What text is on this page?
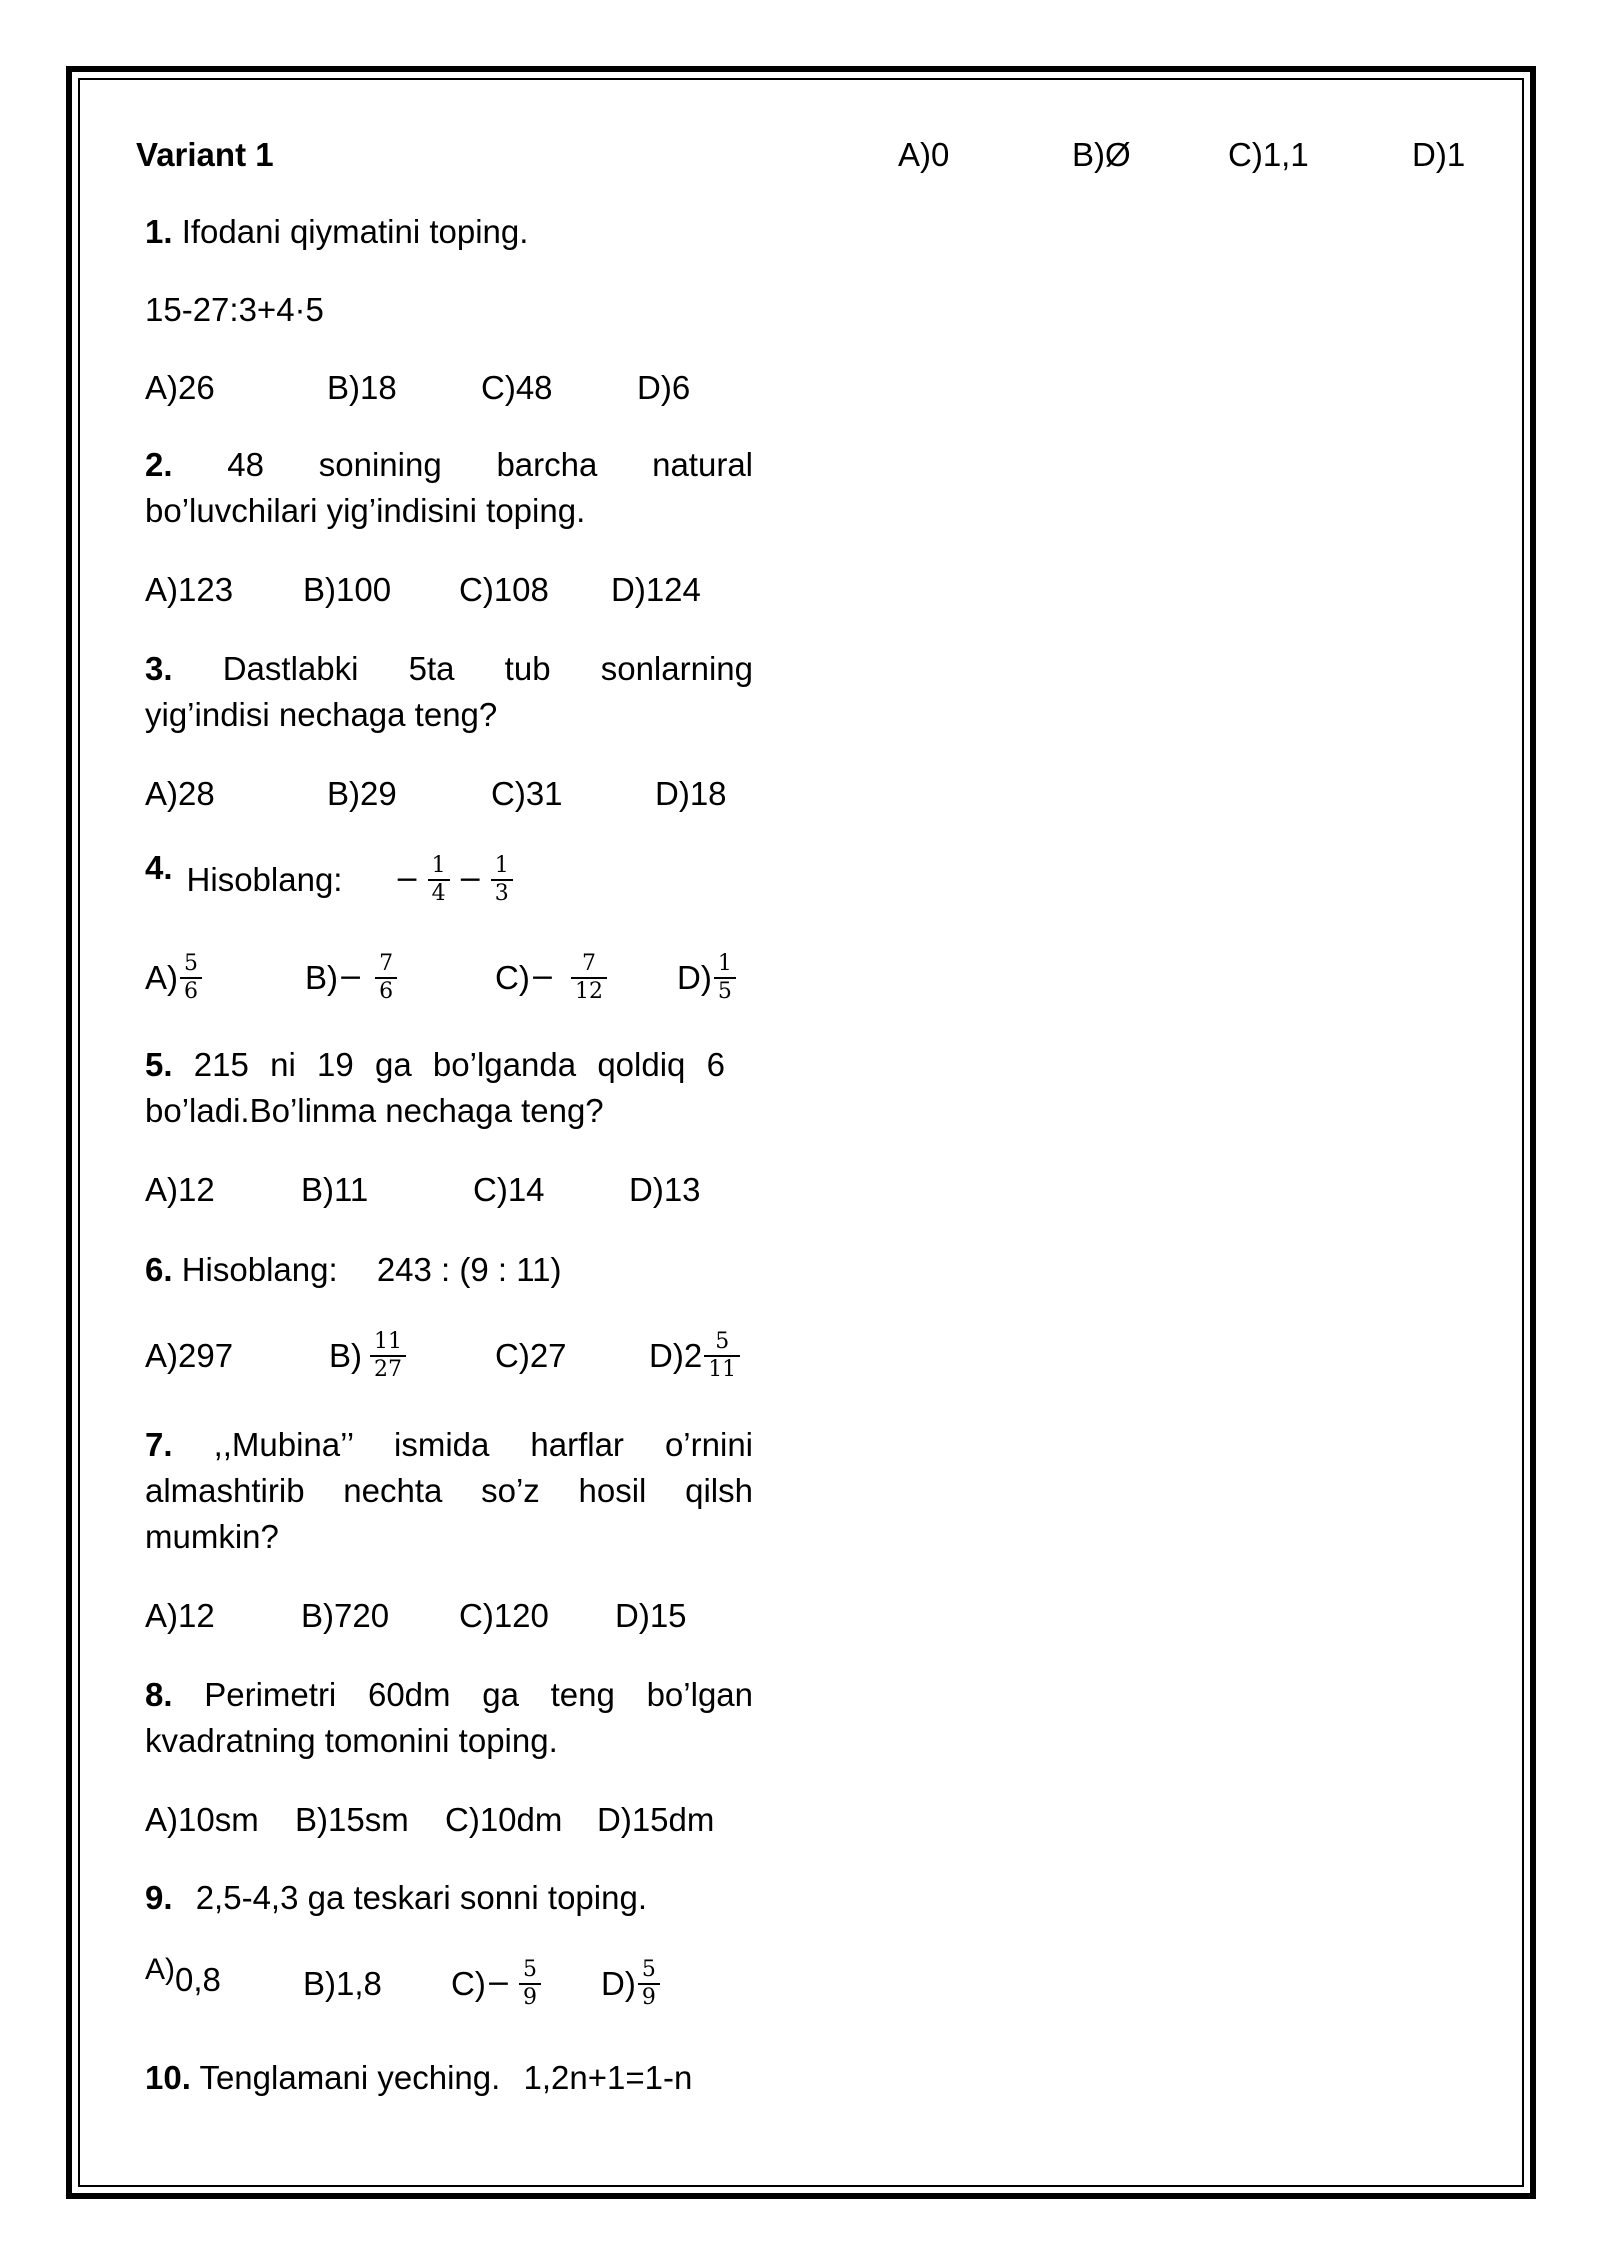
Variant 1	A)0	B)Ø	C)1,1	D)1
1. Ifodani qiymatini toping.
15-27:3+4·5
A)26	B)18	C)48	D)6
2. 48 sonining barcha natural
bo’luvchilari yig’indisini toping.
A)123 B)100 C)108 D)124
3. Dastlabki 5ta tub sonlarning
yig’indisi nechaga teng?
A)28	B)29	C)31	D)18
4. Hisoblang: − $\frac{1}{4} - \frac{1}{3}$
$A) \frac{5}{6}$	$B) - \frac{7}{6}$	$C) - \frac{7}{12} D) \frac{1}{5}$
5. 215 ni 19 ga bo’lganda qoldiq 6
bo’ladi.Bo’linma nechaga teng?
A)12	B)11	C)14	D)13
6. Hisoblang: 243 : (9 : 11)
A)297	$B) \frac{11}{27}$	C)27 $D)2 \frac{5}{11}$
7. ,,Mubina’’ ismida harflar o’rnini
almashtirib nechta so’z hosil qilsh
mumkin?
A)12	B)720 C)120 D)15
8. Perimetri 60dm ga teng bo’lgan
kvadratning tomonini toping.
A)10sm B)15sm C)10dm D)15dm
9. 2,5-4,3 ga teskari sonni toping.
A) 0,8 B)1,8 $C) - \frac{5}{9} D) \frac{5}{9}$
10. Tenglamani yeching. 1,2n+1=1-n
